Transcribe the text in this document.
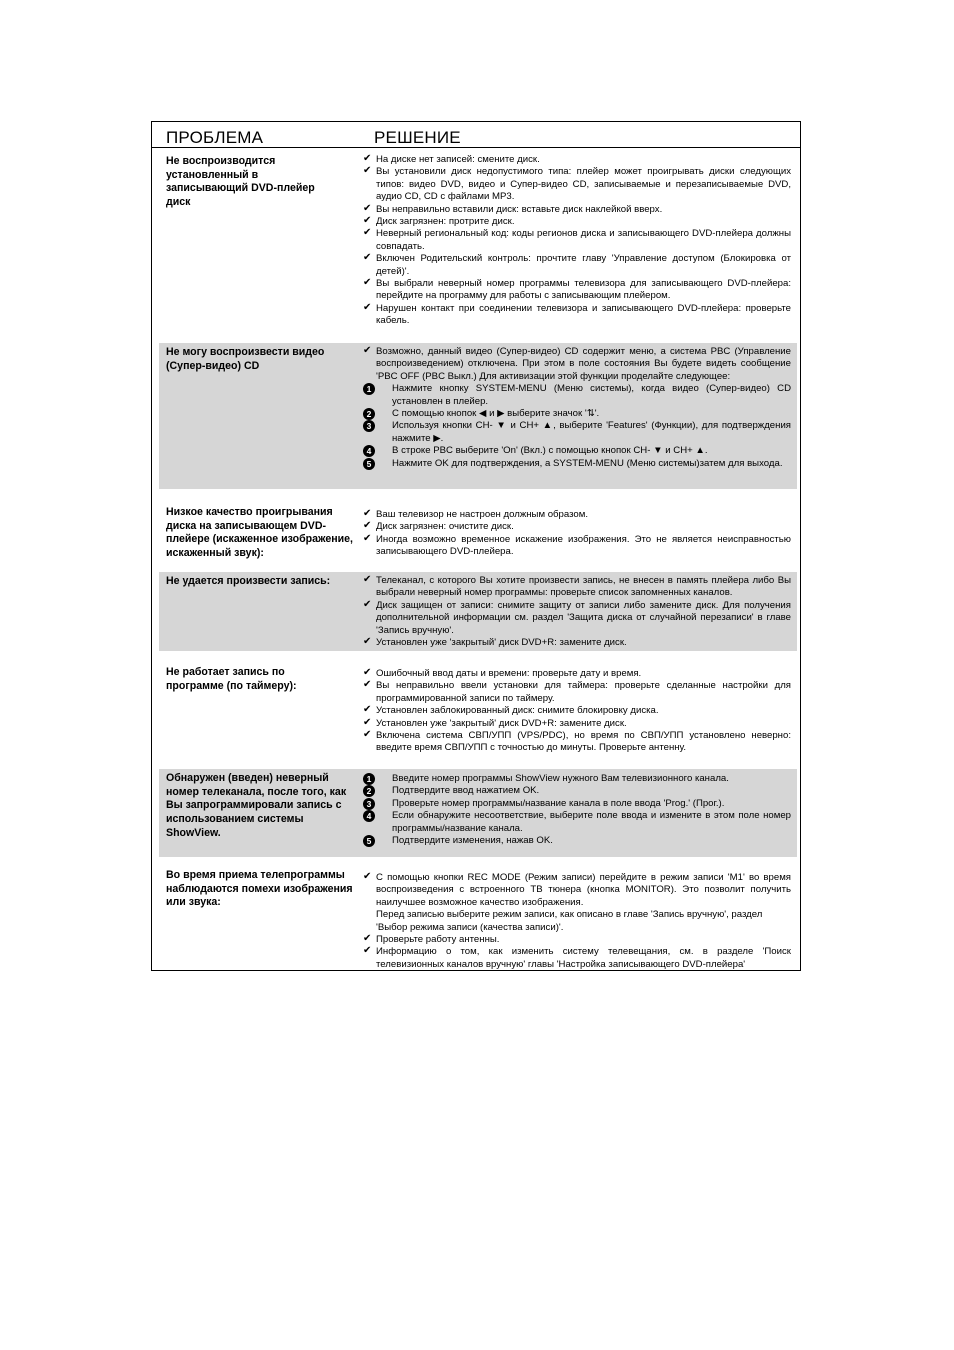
ПРОБЛЕМА	РЕШЕНИЕ
Не воспроизводится установленный в записывающий DVD-плейер диск
✔ На диске нет записей: смените диск.
✔ Вы установили диск недопустимого типа: плейер может проигрывать диски следующих типов: видео DVD, видео и Супер-видео CD, записываемые и перезаписываемые DVD, аудио CD, CD с файлами MP3.
✔ Вы неправильно вставили диск: вставьте диск наклейкой вверх.
✔ Диск загрязнен: протрите диск.
✔ Неверный региональный код: коды регионов диска и записывающего DVD-плейера должны совпадать.
✔ Включен Родительский контроль: прочтите главу 'Управление доступом (Блокировка от детей)'.
✔ Вы выбрали неверный номер программы телевизора для записывающего DVD-плейера: перейдите на программу для работы с записывающим плейером.
✔ Нарушен контакт при соединении телевизора и записывающего DVD-плейера: проверьте кабель.
Не могу воспроизвести видео (Супер-видео) CD
✔ Возможно, данный видео (Супер-видео) CD содержит меню, а система PBC (Управление воспроизведением) отключена. При этом в поле состояния Вы будете видеть сообщение 'PBC OFF (PBC Выкл.) Для активизации этой функции проделайте следующее:
1	Нажмите кнопку SYSTEM-MENU (Меню системы), когда видео (Супер-видео) CD установлен в плейер.
2	С помощью кнопок ◀ и ▶ выберите значок '⇅'.
3	Используя кнопки CH- ▼ и CH+ ▲, выберите 'Features' (Функции), для подтверждения нажмите ▶.
4	В строке PBC выберите 'On' (Вкл.) с помощью кнопок CH- ▼ и CH+ ▲.
5	Нажмите OK для подтверждения, а SYSTEM-MENU (Меню системы)затем для выхода.
Низкое качество проигрывания диска на записывающем DVD-плейере (искаженное изображение, искаженный звук):
✔ Ваш телевизор не настроен должным образом.
✔ Диск загрязнен: очистите диск.
✔ Иногда возможно временное искажение изображения. Это не является неисправностью записывающего DVD-плейера.
Не удается произвести запись:	✔ Телеканал, с которого Вы хотите произвести запись, не внесен в память плейера либо Вы выбрали неверный номер программы: проверьте список запомненных каналов.
✔ Диск защищен от записи: снимите защиту от записи либо замените диск. Для получения дополнительной информации см. раздел 'Защита диска от случайной перезаписи' в главе 'Запись вручную'.
✔ Установлен уже 'закрытый' диск DVD+R: замените диск.
Не работает запись по программе (по таймеру):
✔ Ошибочный ввод даты и времени: проверьте дату и время.
✔ Вы неправильно ввели установки для таймера: проверьте сделанные настройки для программированной записи по таймеру.
✔ Установлен заблокированный диск: снимите блокировку диска.
✔ Установлен уже 'закрытый' диск DVD+R: замените диск.
✔ Включена система СВП/УПП (VPS/PDC), но время по СВП/УПП установлено неверно: введите время СВП/УПП с точностью до минуты. Проверьте антенну.
Обнаружен (введен) неверный номер телеканала, после того, как Вы запрограммировали запись с использованием системы ShowView.
1	Введите номер программы ShowView нужного Вам телевизионного канала.
2	Подтвердите ввод нажатием OK.
3	Проверьте номер программы/название канала в поле ввода 'Prog.' (Прог.).
4	Если обнаружите несоответствие, выберите поле ввода и измените в этом поле номер программы/название канала.
5	Подтвердите изменения, нажав OK.
Во время приема телепрограммы наблюдаются помехи изображения или звука:
✔ С помощью кнопки REC MODE (Режим записи) перейдите в режим записи 'M1' во время воспроизведения с встроенного ТВ тюнера (кнопка MONITOR). Это позволит получить наилучшее возможное качество изображения.
Перед записью выберите режим записи, как описано в главе 'Запись вручную', раздел 'Выбор режима записи (качества записи)'.
✔ Проверьте работу антенны.
✔ Информацию о том, как изменить систему телевещания, см. в разделе 'Поиск телевизионных каналов вручную' главы 'Настройка записывающего DVD-плейера'
